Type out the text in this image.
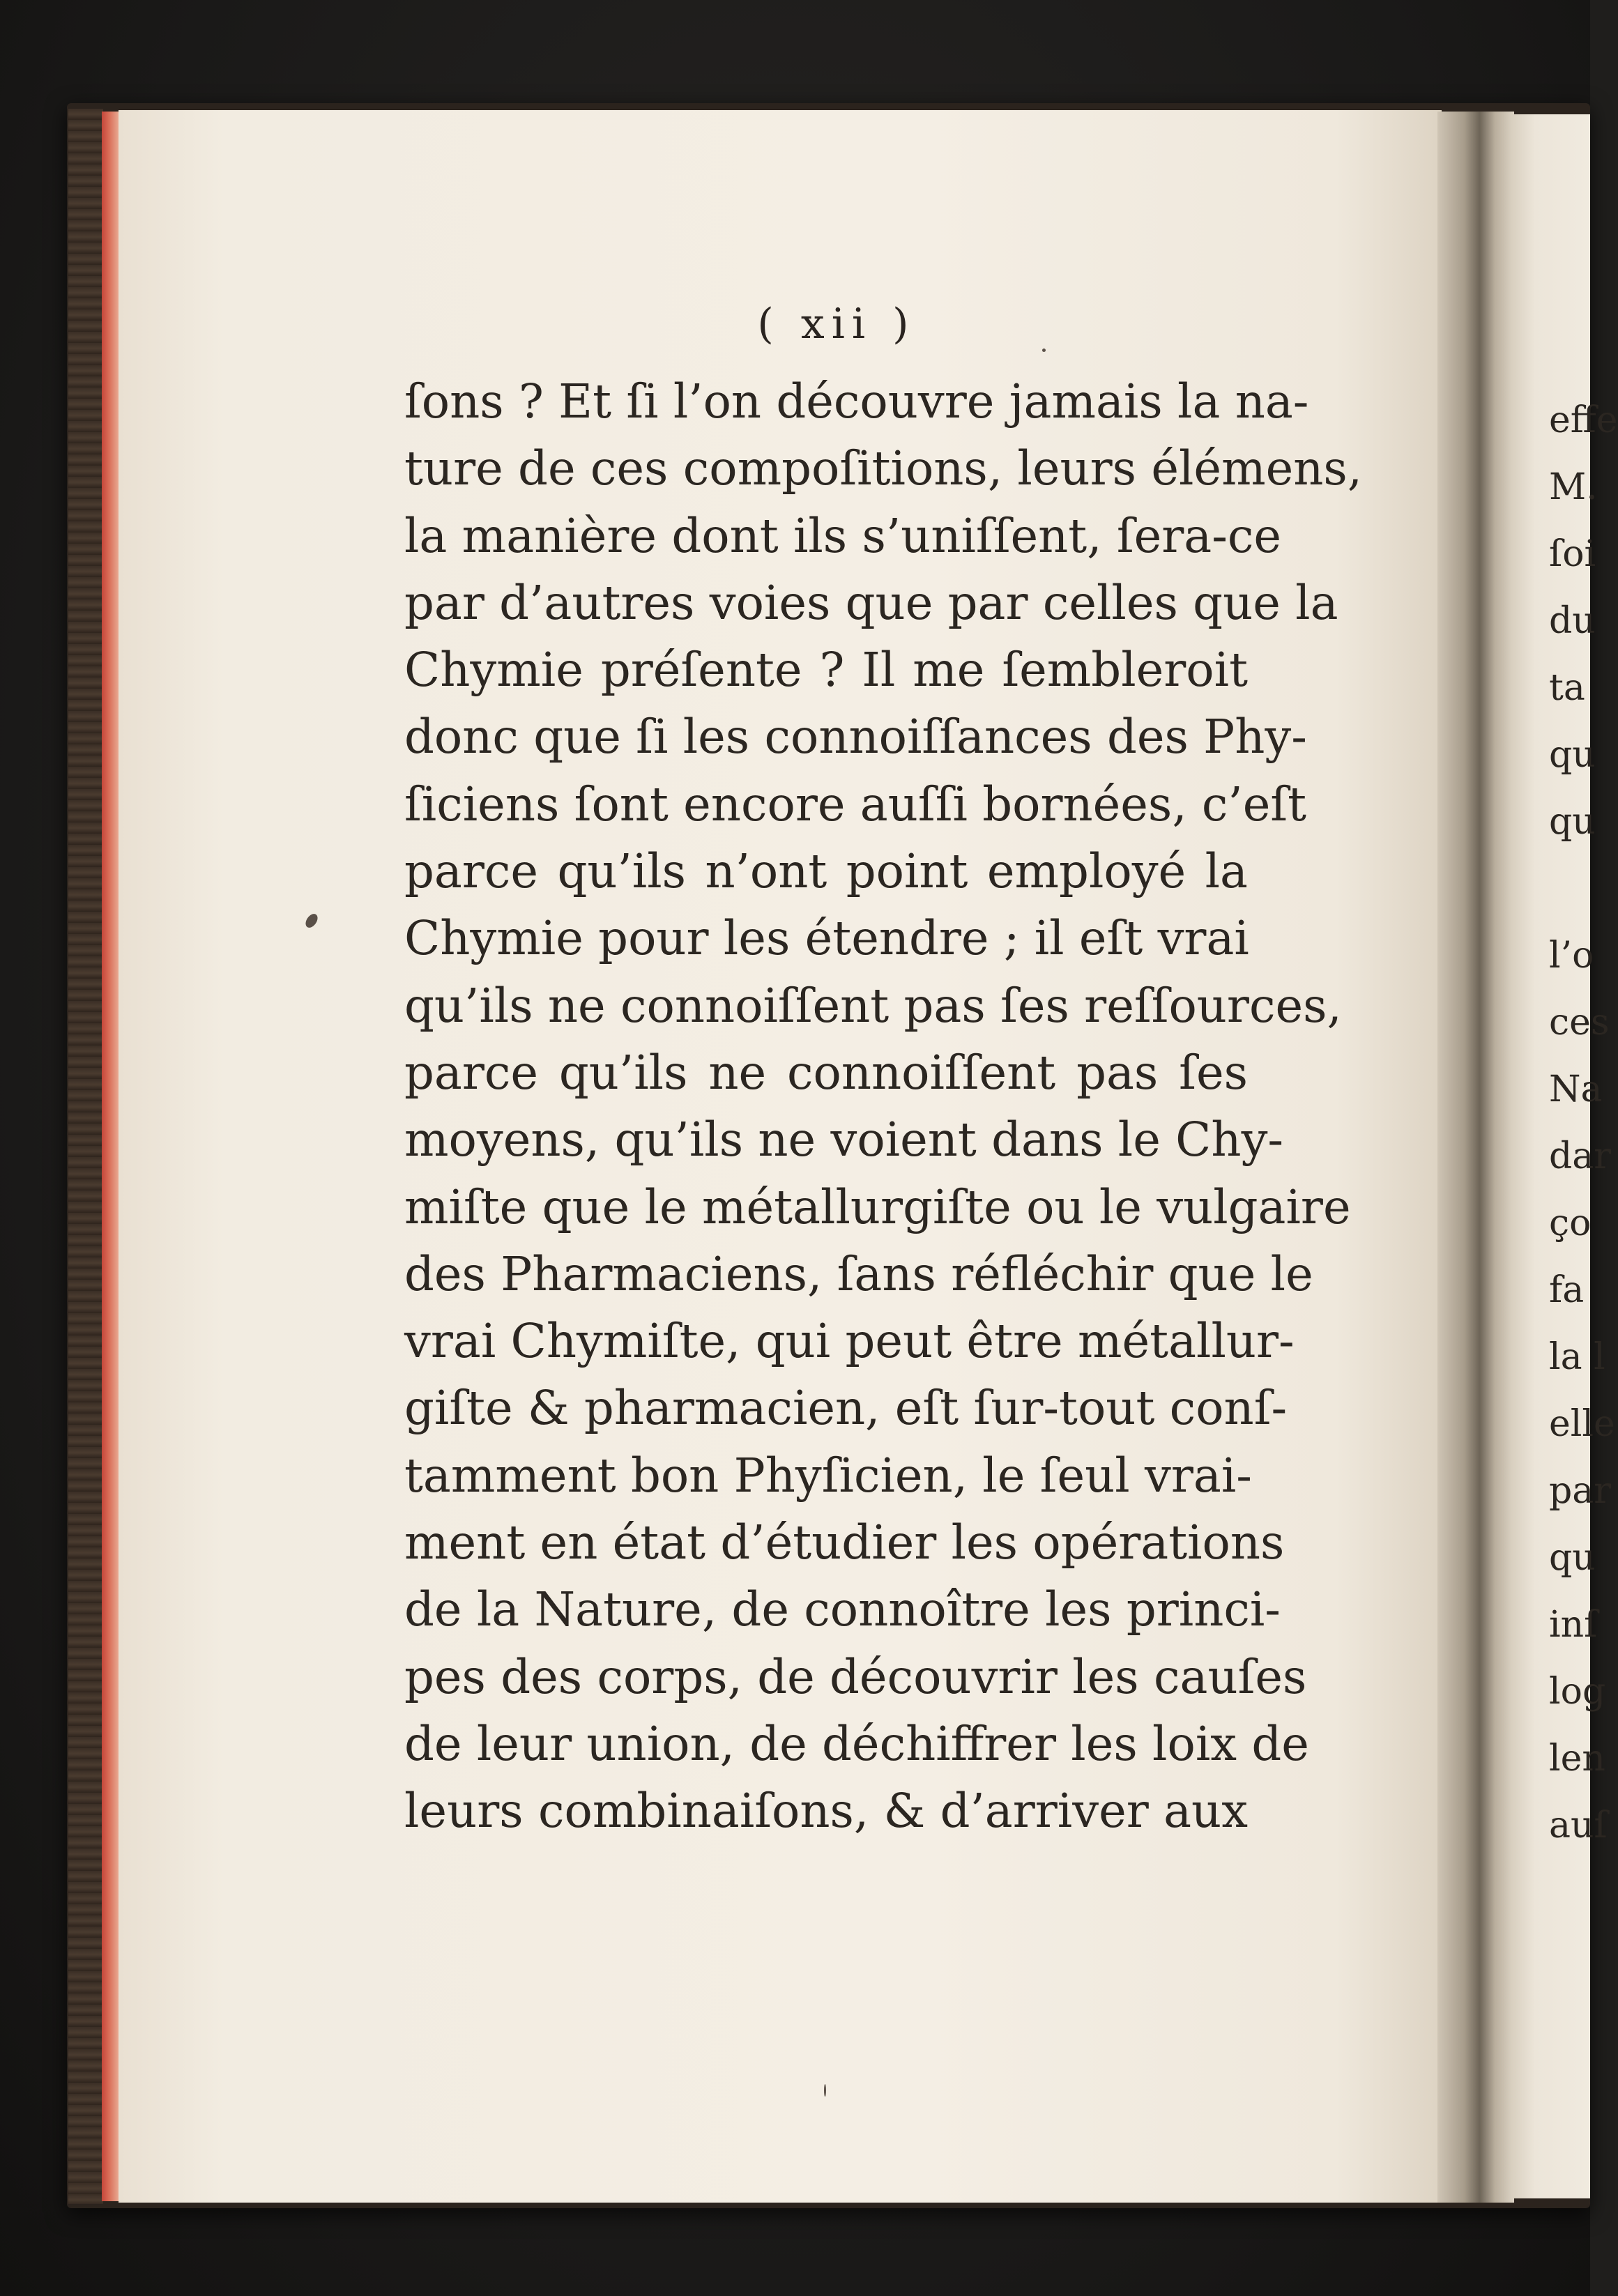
( xii )
ſons ? Et ſi l’on découvre jamais la na-
ture de ces compoſitions, leurs élémens,
la manière dont ils s’uniſſent, ſera-ce
par d’autres voies que par celles que la
Chymie préſente ? Il me ſembleroit
donc que ſi les connoiſſances des Phy-
ſiciens ſont encore auſſi bornées, c’eſt
parce qu’ils n’ont point employé la
Chymie pour les étendre ; il eſt vrai
qu’ils ne connoiſſent pas ſes reſſources,
parce qu’ils ne connoiſſent pas ſes
moyens, qu’ils ne voient dans le Chy-
miſte que le métallurgiſte ou le vulgaire
des Pharmaciens, ſans réfléchir que le
vrai Chymiſte, qui peut être métallur-
giſte & pharmacien, eſt ſur-tout conſ-
tamment bon Phyſicien, le ſeul vrai-
ment en état d’étudier les opérations
de la Nature, de connoître les princi-
pes des corps, de découvrir les cauſes
de leur union, de déchiffrer les loix de
leurs combinaiſons, & d’arriver aux
effe
M.
ſoi
du
ta
qu
qu
l’o
ces
Na
dar
ço
fa
la l
elle
par
qu
inſ
log
len
auſ
